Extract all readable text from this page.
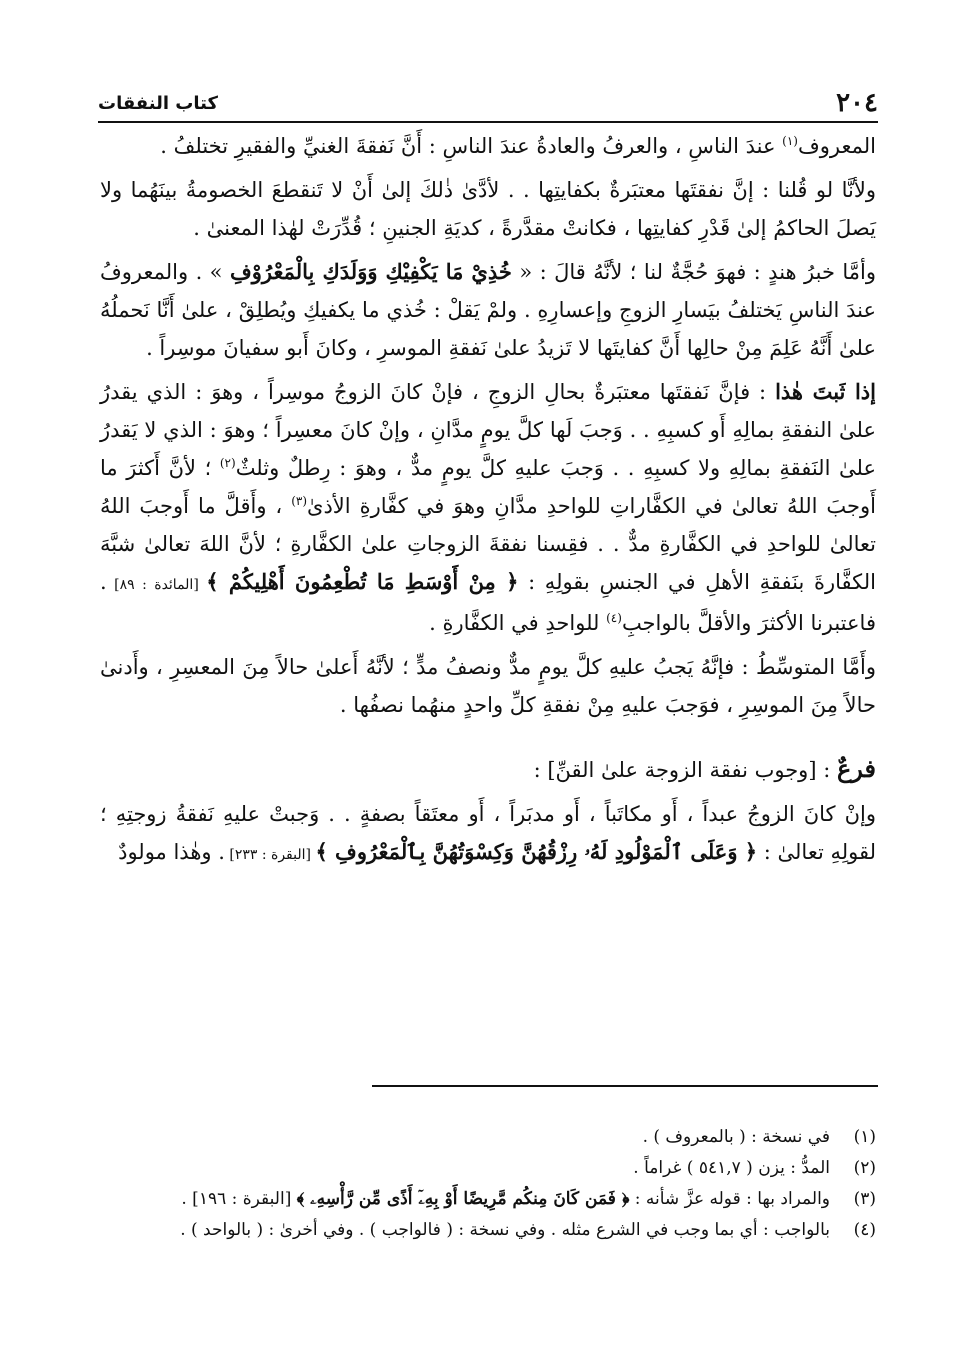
٢٠٤
كتاب النفقات

المعروف$^{(١)}$ عندَ الناسِ ، والعرفُ والعادةُ عندَ الناسِ : أَنَّ نَفقةَ الغنيِّ والفقيرِ تختلفُ .

ولأنَّا لو قُلنا : إنَّ نفقتَها معتبَرةٌ بكفايتِها . . لأدَّىٰ ذٰلكَ إلىٰ أَنْ لا تَنقطعَ الخصومةُ بينَهُما ولا يَصلَ الحاكمُ إلىٰ قَدْرِ كفايتِها ، فكانتْ مقدَّرةً ، كديَةِ الجنينِ ؛ قُدِّرَتْ لهٰذا المعنىٰ .

وأمَّا خبرُ هندٍ : فهوَ حُجَّةٌ لنا ؛ لأنَّهُ قالَ : « خُذِيْ مَا يَكْفِيْكِ وَوَلَدَكِ بِالْمَعْرُوْفِ » . والمعروفُ عندَ الناسِ يَختلفُ بيَسارِ الزوجِ وإعسارِهِ . ولمْ يَقلْ : خُذي ما يكفيكِ ويُطلِقْ ، علىٰ أَنَّا نَحملُهُ علىٰ أَنَّهُ عَلِمَ مِنْ حالِها أَنَّ كفايتَها لا تَزيدُ علىٰ نَفقةِ الموسرِ ، وكانَ أَبو سفيانَ موسِراً .

إذا ثَبتَ هٰذا : فإنَّ نَفقتَها معتبَرةٌ بحالِ الزوجِ ، فإنْ كانَ الزوجُ موسِراً ، وهوَ : الذي يقدرُ علىٰ النفقةِ بمالِهِ أَو كسبِهِ . . وَجبَ لَها كلَّ يومٍ مدَّانِ ، وإنْ كانَ معسِراً ؛ وهوَ : الذي لا يَقدرُ علىٰ النَفقةِ بمالِهِ ولا كسبِهِ . . وَجبَ عليهِ كلَّ يومٍ مدٌّ ، وهوَ : رِطلٌ وثلثٌ$^{(٢)}$ ؛ لأنَّ أَكثرَ ما أَوجبَ اللهُ تعالىٰ في الكفَّاراتِ للواحدِ مدَّانِ وهوَ في كفَّارةِ الأذىٰ$^{(٣)}$ ، وأَقلَّ ما أَوجبَ اللهُ تعالىٰ للواحدِ في الكفَّارةِ مدٌّ . . فقِسنا نفقةَ الزوجاتِ علىٰ الكفَّارةِ ؛ لأنَّ اللهَ تعالىٰ شبَّهَ الكفَّارةَ بنَفقةِ الأهلِ في الجنسِ بقولِهِ : ﴿ مِنْ أَوْسَطِ مَا تُطْعِمُونَ أَهْلِيكُمْ ﴾ [المائدة : ٨٩] . فاعتبرنا الأكثرَ والأقلَّ بالواجبِ$^{(٤)}$ للواحدِ في الكفَّارةِ .

وأَمَّا المتوسِّطُ : فإنَّهُ يَجبُ عليهِ كلَّ يومٍ مدٌّ ونصفُ مدٍّ ؛ لأنَّهُ أَعلىٰ حالاً مِنَ المعسِرِ ، وأَدنىٰ حالاً مِنَ الموسِرِ ، فوَجبَ عليهِ مِنْ نفقةِ كلِّ واحدٍ منهُما نصفُها .

فرعٌ : [وجوب نفقة الزوجة علىٰ القنِّ] :

وإنْ كانَ الزوجُ عبداً ، أَو مكاتَباً ، أَو مدبَراً ، أَو معتَقاً بصفةٍ . . وَجبتْ عليهِ نَفقةُ زوجتِهِ ؛ لقولِهِ تعالىٰ : ﴿ وَعَلَى ٱلْمَوْلُودِ لَهُۥ رِزْقُهُنَّ وَكِسْوَتُهُنَّ بِٱلْمَعْرُوفِ ﴾ [البقرة : ٢٣٣] . وهٰذا مولودٌ

(١)
في نسخة : ( بالمعروف ) .
(٢)
المدُّ : يزن ( ٥٤١,٧ ) غراماً .
(٣)
والمراد بها : قوله عزَّ شأنه : ﴿ فَمَن كَانَ مِنكُم مَّرِيضًا أَوْ بِهِۦٓ أَذًى مِّن رَّأْسِهِۦ ﴾ [البقرة : ١٩٦] .
(٤)
بالواجب : أي بما وجب في الشرع مثله . وفي نسخة : ( فالواجب ) . وفي أخرىٰ : ( بالواحد ) .
